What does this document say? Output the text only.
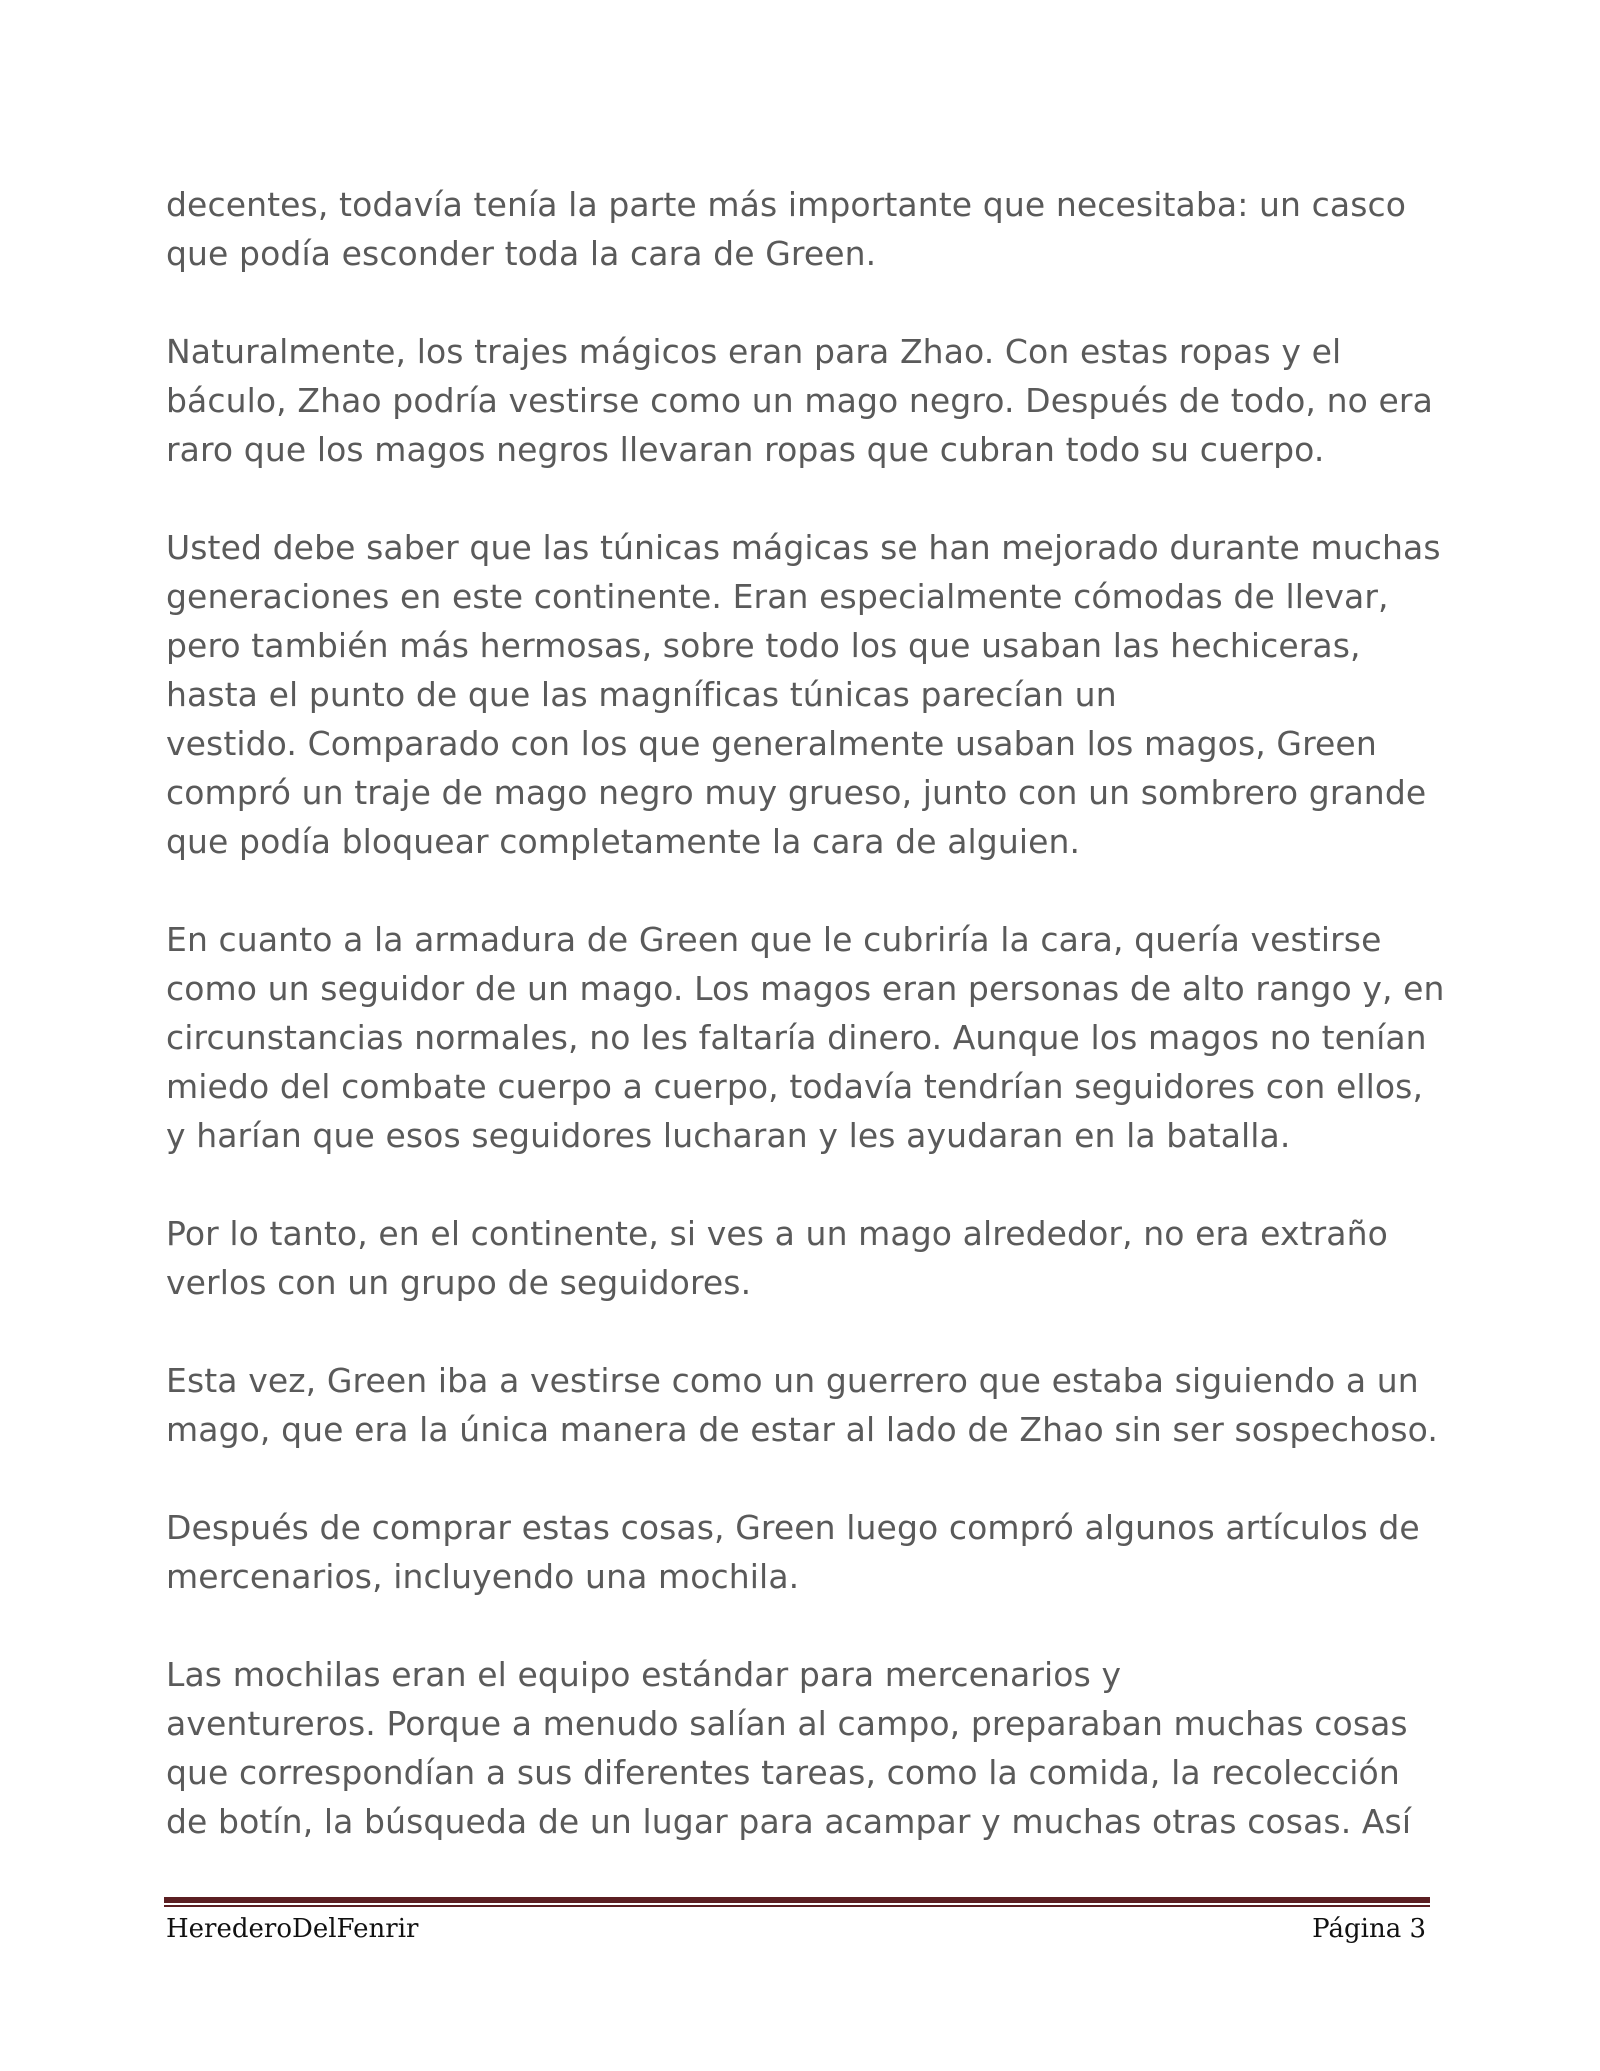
decentes, todavía tenía la parte más importante que necesitaba: un casco
que podía esconder toda la cara de Green.

Naturalmente, los trajes mágicos eran para Zhao. Con estas ropas y el
báculo, Zhao podría vestirse como un mago negro. Después de todo, no era
raro que los magos negros llevaran ropas que cubran todo su cuerpo.

Usted debe saber que las túnicas mágicas se han mejorado durante muchas
generaciones en este continente. Eran especialmente cómodas de llevar,
pero también más hermosas, sobre todo los que usaban las hechiceras,
hasta el punto de que las magníficas túnicas parecían un
vestido. Comparado con los que generalmente usaban los magos, Green
compró un traje de mago negro muy grueso, junto con un sombrero grande
que podía bloquear completamente la cara de alguien.

En cuanto a la armadura de Green que le cubriría la cara, quería vestirse
como un seguidor de un mago. Los magos eran personas de alto rango y, en
circunstancias normales, no les faltaría dinero. Aunque los magos no tenían
miedo del combate cuerpo a cuerpo, todavía tendrían seguidores con ellos,
y harían que esos seguidores lucharan y les ayudaran en la batalla.

Por lo tanto, en el continente, si ves a un mago alrededor, no era extraño
verlos con un grupo de seguidores.

Esta vez, Green iba a vestirse como un guerrero que estaba siguiendo a un
mago, que era la única manera de estar al lado de Zhao sin ser sospechoso.

Después de comprar estas cosas, Green luego compró algunos artículos de
mercenarios, incluyendo una mochila.

Las mochilas eran el equipo estándar para mercenarios y
aventureros. Porque a menudo salían al campo, preparaban muchas cosas
que correspondían a sus diferentes tareas, como la comida, la recolección
de botín, la búsqueda de un lugar para acampar y muchas otras cosas. Así

HerederoDelFenrir	Página 3
